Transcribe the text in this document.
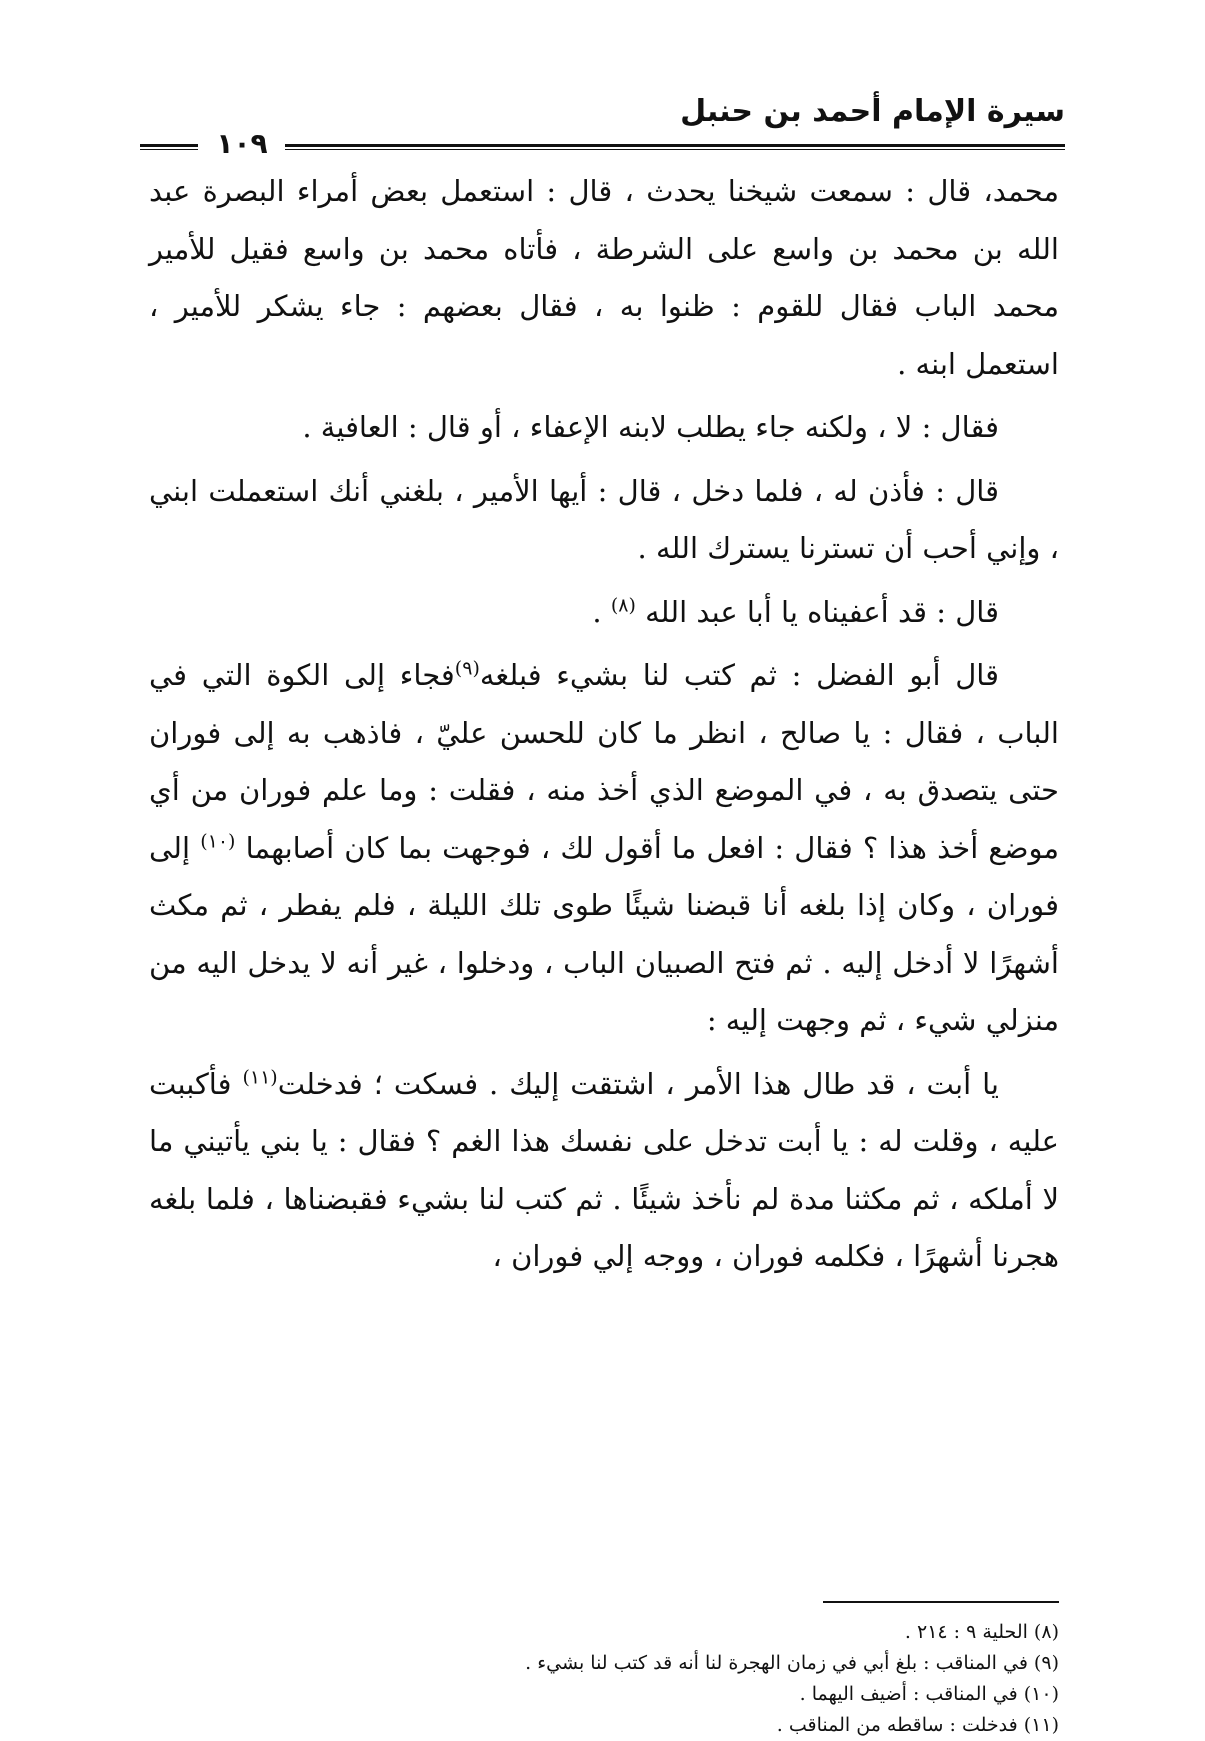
سيرة الإمام أحمد بن حنبل
١٠٩

محمد، قال : سمعت شيخنا يحدث ، قال : استعمل بعض أمراء البصرة عبد الله بن محمد بن واسع على الشرطة ، فأتاه محمد بن واسع فقيل للأمير محمد الباب فقال للقوم : ظنوا به ، فقال بعضهم : جاء يشكر للأمير ، استعمل ابنه .

فقال : لا ، ولكنه جاء يطلب لابنه الإعفاء ، أو قال : العافية .

قال : فأذن له ، فلما دخل ، قال : أيها الأمير ، بلغني أنك استعملت ابني ، وإني أحب أن تسترنا يسترك الله .

قال : قد أعفيناه يا أبا عبد الله $^{(٨)}$ .

قال أبو الفضل : ثم كتب لنا بشيء فبلغه$^{(٩)}$فجاء إلى الكوة التي في الباب ، فقال : يا صالح ، انظر ما كان للحسن عليّ ، فاذهب به إلى فوران حتى يتصدق به ، في الموضع الذي أخذ منه ، فقلت : وما علم فوران من أي موضع أخذ هذا ؟ فقال : افعل ما أقول لك ، فوجهت بما كان أصابهما $^{(١٠)}$ إلى فوران ، وكان إذا بلغه أنا قبضنا شيئًا طوى تلك الليلة ، فلم يفطر ، ثم مكث أشهرًا لا أدخل إليه . ثم فتح الصبيان الباب ، ودخلوا ، غير أنه لا يدخل اليه من منزلي شيء ، ثم وجهت إليه :

يا أبت ، قد طال هذا الأمر ، اشتقت إليك . فسكت ؛ فدخلت$^{(١١)}$ فأكببت عليه ، وقلت له : يا أبت تدخل على نفسك هذا الغم ؟ فقال : يا بني يأتيني ما لا أملكه ، ثم مكثنا مدة لم نأخذ شيئًا . ثم كتب لنا بشيء فقبضناها ، فلما بلغه هجرنا أشهرًا ، فكلمه فوران ، ووجه إلي فوران ،

(٨) الحلية ٩ : ٢١٤ .

(٩) في المناقب : بلغ أبي في زمان الهجرة لنا أنه قد كتب لنا بشيء .

(١٠) في المناقب : أضيف اليهما .

(١١) فدخلت : ساقطه من المناقب .
